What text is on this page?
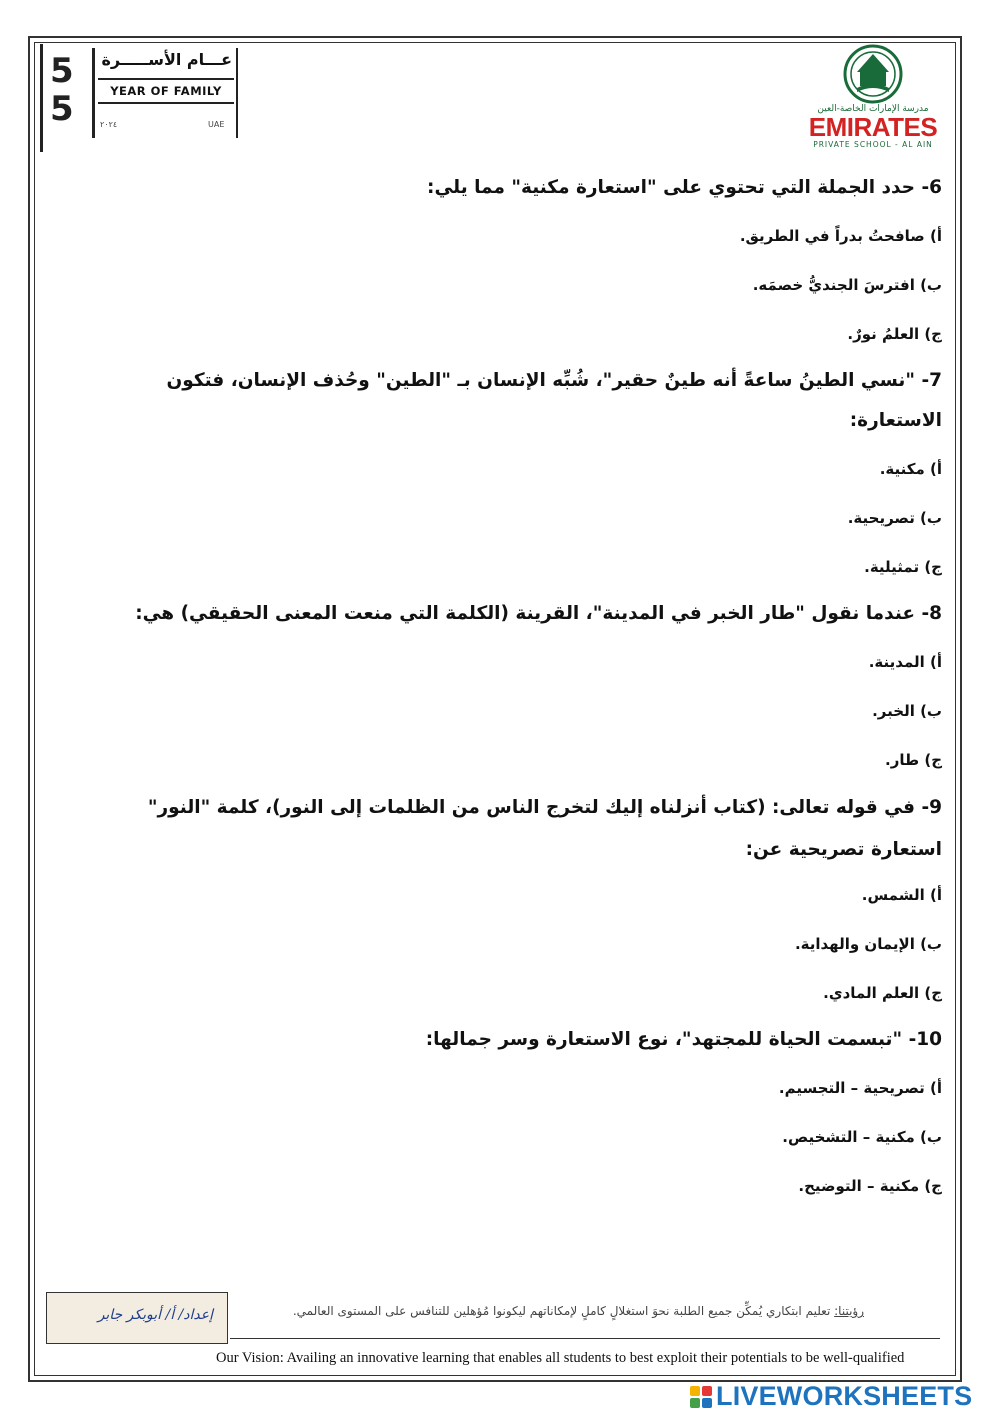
5
5
عـــام الأســـــرة
YEAR OF FAMILY
٢٠٢٤	UAE
مدرسة الإمارات الخاصة-العين
EMIRATES
PRIVATE SCHOOL - AL AIN

6- حدد الجملة التي تحتوي على "استعارة مكنية" مما يلي:

أ) صافحتُ بدراً في الطريق.

ب) افترسَ الجنديُّ خصمَه.

ج) العلمُ نورٌ.

7- "نسي الطينُ ساعةً أنه طينٌ حقير"، شُبِّه الإنسان بـ "الطين" وحُذف الإنسان، فتكون الاستعارة:

أ) مكنية.

ب) تصريحية.

ج) تمثيلية.

8- عندما نقول "طار الخبر في المدينة"، القرينة (الكلمة التي منعت المعنى الحقيقي) هي:

أ) المدينة.

ب) الخبر.

ج) طار.

9- في قوله تعالى: (كتاب أنزلناه إليك لتخرج الناس من الظلمات إلى النور)، كلمة "النور" استعارة تصريحية عن:

أ) الشمس.

ب) الإيمان والهداية.

ج) العلم المادي.

10- "تبسمت الحياة للمجتهد"، نوع الاستعارة وسر جمالها:

أ) تصريحية – التجسيم.

ب) مكنية – التشخيص.

ج) مكنية – التوضيح.

إعداد/ أ/ أبوبكر جابر	رؤيتنا: تعليم ابتكاري يُمكِّن جميع الطلبة نحوَ استغلالٍ كاملٍ لإمكاناتهم ليكونوا مُؤهلين للتنافس على المستوى العالمي.
Our Vision: Availing an innovative learning that enables all students to best exploit their potentials to be well-qualified
LIVEWORKSHEETS
